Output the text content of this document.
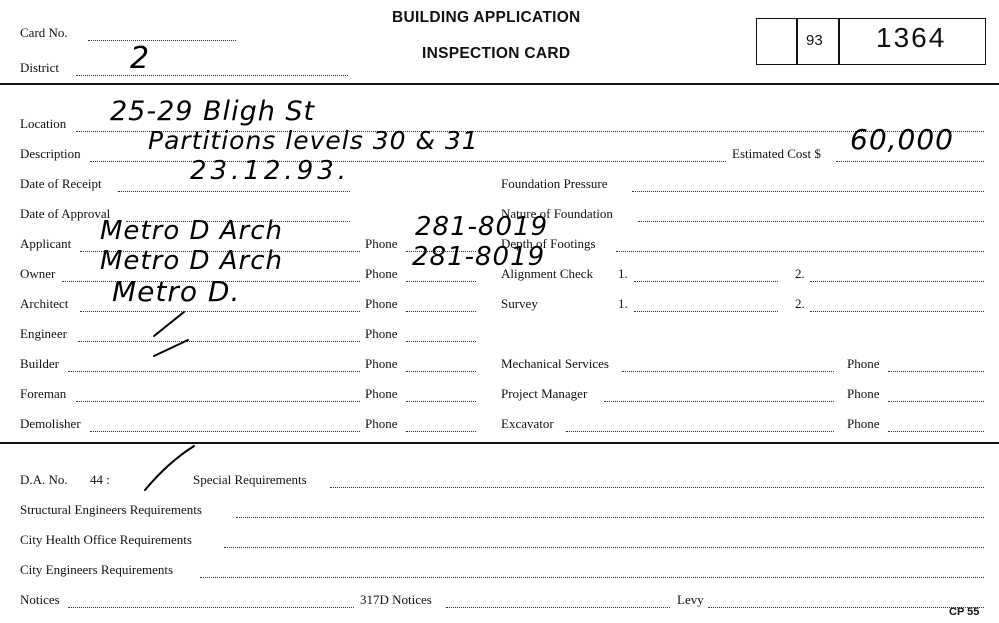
Card No.
District 2
BUILDING APPLICATION
INSPECTION CARD
93 1364
Location 25-29 Bligh St
Description	Partitions levels 30 & 31	Estimated Cost $ 60,000
Date of Receipt	23.12.93.
Date of Approval
Applicant Metro D Arch	Phone
281-8019
Owner Metro D Arch	Phone
281-8019
Architect Metro D.	Phone
Engineer	Phone
Builder	Phone
Foreman	Phone
Demolisher	Phone
Foundation Pressure
Nature of Foundation
Depth of Footings
Alignment Check 1.	2.
Survey	1.	2.
Mechanical Services	Phone
Project Manager	Phone
Excavator	Phone
D.A. No. 44 :	Special Requirements
Structural Engineers Requirements
City Health Office Requirements
City Engineers Requirements
Notices	317D Notices	Levy
CP 55
